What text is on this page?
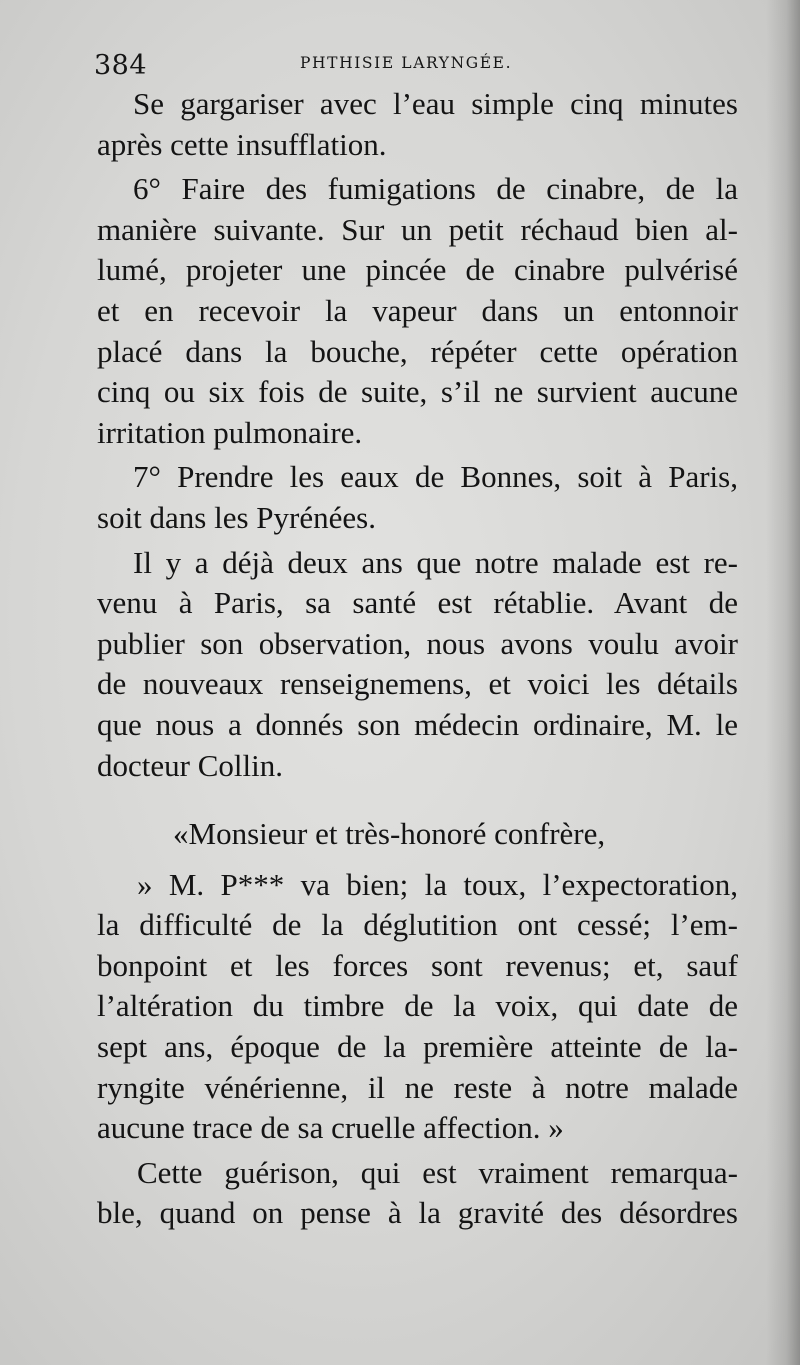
384	PHTHISIE LARYNGÉE.
Se gargariser avec l’eau simple cinq minutes
après cette insufflation.
6° Faire des fumigations de cinabre, de la
manière suivante. Sur un petit réchaud bien al-
lumé, projeter une pincée de cinabre pulvérisé
et en recevoir la vapeur dans un entonnoir
placé dans la bouche, répéter cette opération
cinq ou six fois de suite, s’il ne survient aucune
irritation pulmonaire.
7° Prendre les eaux de Bonnes, soit à Paris,
soit dans les Pyrénées.
Il y a déjà deux ans que notre malade est re-
venu à Paris, sa santé est rétablie. Avant de
publier son observation, nous avons voulu avoir
de nouveaux renseignemens, et voici les détails
que nous a donnés son médecin ordinaire, M. le
docteur Collin.
«Monsieur et très-honoré confrère,
» M. P*** va bien; la toux, l’expectoration,
la difficulté de la déglutition ont cessé; l’em-
bonpoint et les forces sont revenus; et, sauf
l’altération du timbre de la voix, qui date de
sept ans, époque de la première atteinte de la-
ryngite vénérienne, il ne reste à notre malade
aucune trace de sa cruelle affection. »
Cette guérison, qui est vraiment remarqua-
ble, quand on pense à la gravité des désordres
